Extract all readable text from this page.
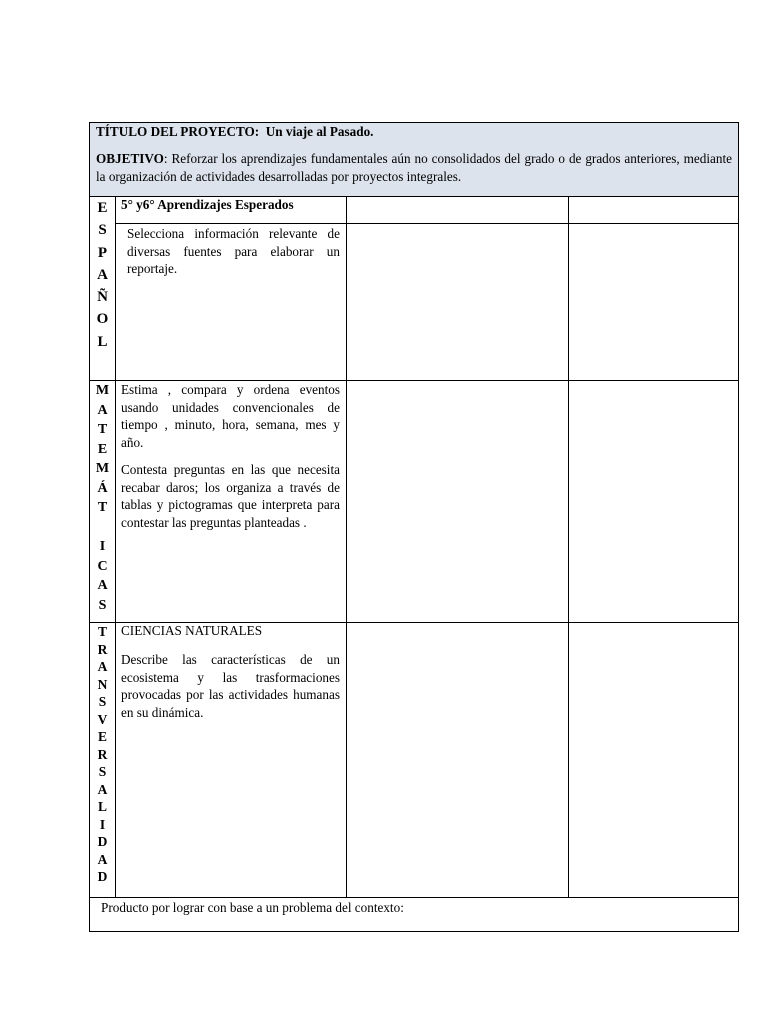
TÍTULO DEL PROYECTO: Un viaje al Pasado.
OBJETIVO: Reforzar los aprendizajes fundamentales aún no consolidados del grado o de grados anteriores, mediante la organización de actividades desarrolladas por proyectos integrales.
5° y6° Aprendizajes Esperados
E
S
P
A
Ñ
O
L
Selecciona información relevante de diversas fuentes para elaborar un reportaje.
M
A
T
E
M
Á
T

I
C
A
S
Estima , compara y ordena eventos usando unidades convencionales de tiempo , minuto, hora, semana, mes y año.
Contesta preguntas en las que necesita recabar daros; los organiza a través de tablas y pictogramas que interpreta para contestar las preguntas planteadas .
T
R
A
N
S
V
E
R
S
A
L
I
D
A
D
CIENCIAS NATURALES
Describe las características de un ecosistema y las trasformaciones provocadas por las actividades humanas en su dinámica.
Producto por lograr con base a un problema del contexto:
